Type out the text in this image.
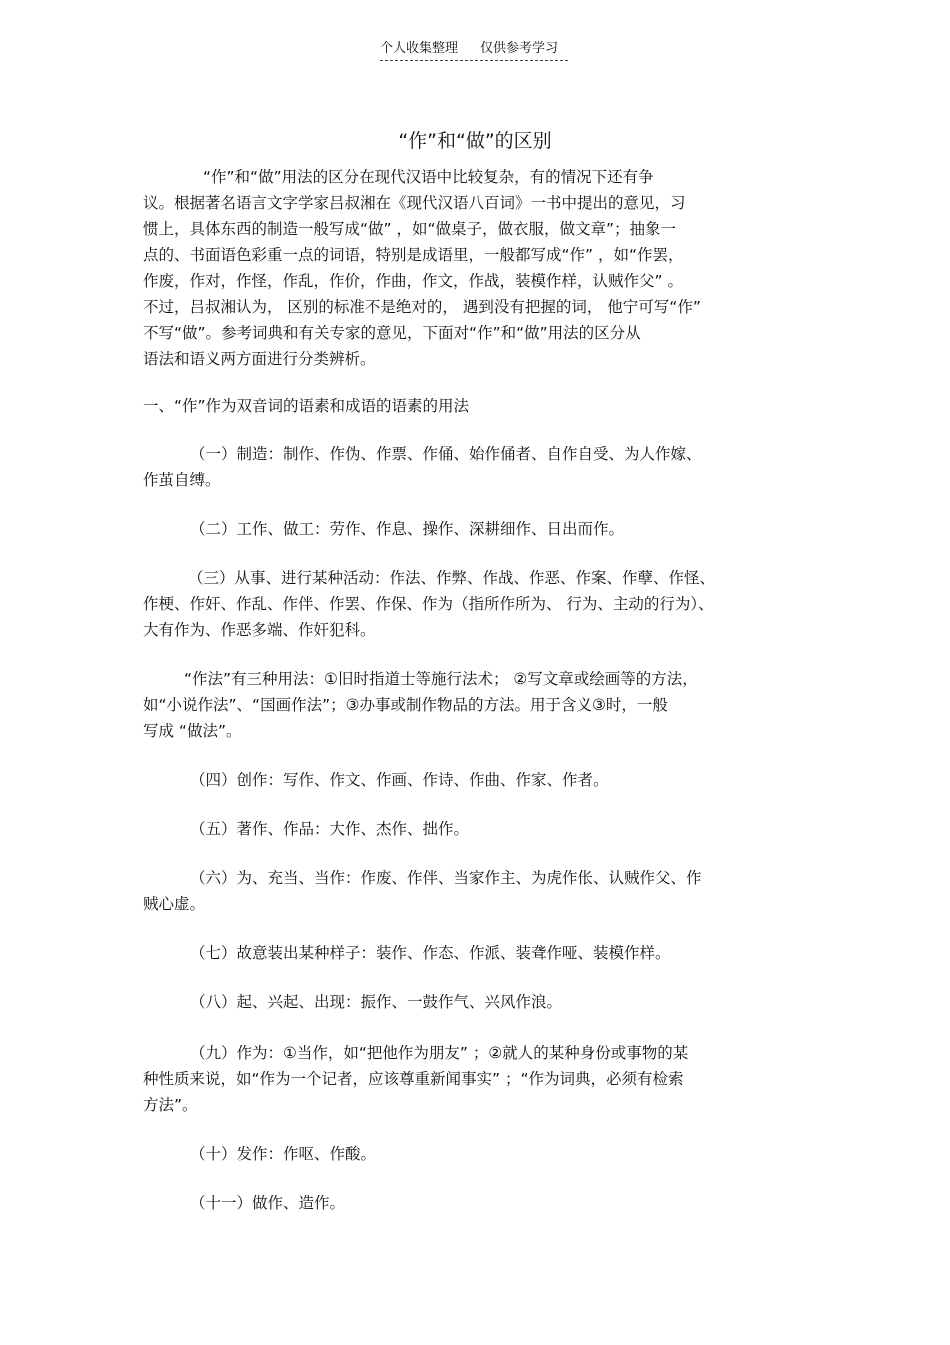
个人收集整理 仅供参考学习
“作”和“做”的区别
“作”和“做”用法的区分在现代汉语中比较复杂，有的情况下还有争
议。根据著名语言文字学家吕叔湘在《现代汉语八百词》一书中提出的意见，习
惯上，具体东西的制造一般写成“做” ，如“做桌子，做衣服，做文章”；抽象一
点的、书面语色彩重一点的词语，特别是成语里，一般都写成“作” ，如“作罢，
作废，作对，作怪，作乱，作价，作曲，作文，作战，装模作样，认贼作父” 。
不过，吕叔湘认为， 区别的标准不是绝对的， 遇到没有把握的词， 他宁可写“作”
不写“做”。参考词典和有关专家的意见，下面对“作”和“做”用法的区分从
语法和语义两方面进行分类辨析。
一、“作”作为双音词的语素和成语的语素的用法
（一）制造：制作、作伪、作票、作俑、始作俑者、自作自受、为人作嫁、
作茧自缚。
（二）工作、做工：劳作、作息、操作、深耕细作、日出而作。
（三）从事、进行某种活动：作法、作弊、作战、作恶、作案、作孽、作怪、
作梗、作奸、作乱、作伴、作罢、作保、作为（指所作所为、 行为、主动的行为）、
大有作为、作恶多端、作奸犯科。
“作法”有三种用法：①旧时指道士等施行法术； ②写文章或绘画等的方法，
如“小说作法”、“国画作法”；③办事或制作物品的方法。用于含义③时，一般
写成 “做法”。
（四）创作：写作、作文、作画、作诗、作曲、作家、作者。
（五）著作、作品：大作、杰作、拙作。
（六）为、充当、当作：作废、作伴、当家作主、为虎作伥、认贼作父、作
贼心虚。
（七）故意装出某种样子：装作、作态、作派、装聋作哑、装模作样。
（八）起、兴起、出现：振作、一鼓作气、兴风作浪。
（九）作为：①当作，如“把他作为朋友” ；②就人的某种身份或事物的某
种性质来说，如“作为一个记者，应该尊重新闻事实” ；“作为词典，必须有检索
方法”。
（十）发作：作呕、作酸。
（十一）做作、造作。
